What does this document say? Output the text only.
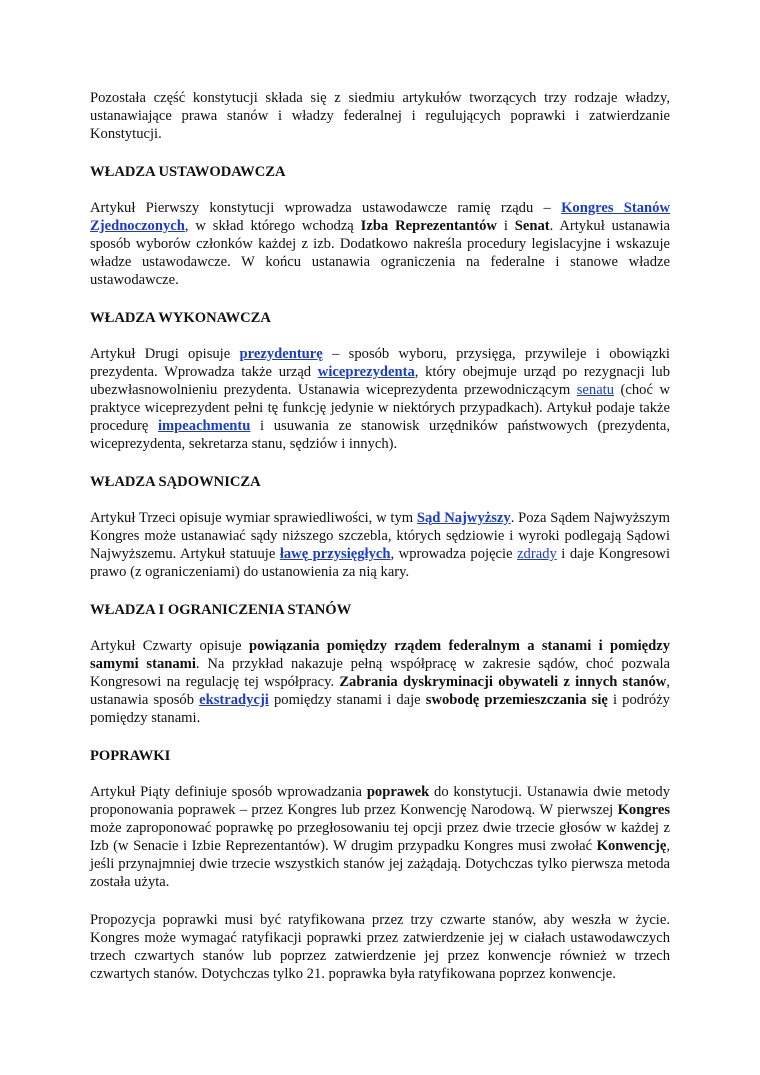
Pozostała część konstytucji składa się z siedmiu artykułów tworzących trzy rodzaje władzy, ustanawiające prawa stanów i władzy federalnej i regulujących poprawki i zatwierdzanie Konstytucji.

WŁADZA USTAWODAWCZA

Artykuł Pierwszy konstytucji wprowadza ustawodawcze ramię rządu – Kongres Stanów Zjednoczonych, w skład którego wchodzą Izba Reprezentantów i Senat. Artykuł ustanawia sposób wyborów członków każdej z izb. Dodatkowo nakreśla procedury legislacyjne i wskazuje władze ustawodawcze. W końcu ustanawia ograniczenia na federalne i stanowe władze ustawodawcze.

WŁADZA WYKONAWCZA

Artykuł Drugi opisuje prezydenturę – sposób wyboru, przysięga, przywileje i obowiązki prezydenta. Wprowadza także urząd wiceprezydenta, który obejmuje urząd po rezygnacji lub ubezwłasnowolnieniu prezydenta. Ustanawia wiceprezydenta przewodniczącym senatu (choć w praktyce wiceprezydent pełni tę funkcję jedynie w niektórych przypadkach). Artykuł podaje także procedurę impeachmentu i usuwania ze stanowisk urzędników państwowych (prezydenta, wiceprezydenta, sekretarza stanu, sędziów i innych).

WŁADZA SĄDOWNICZA

Artykuł Trzeci opisuje wymiar sprawiedliwości, w tym Sąd Najwyższy. Poza Sądem Najwyższym Kongres może ustanawiać sądy niższego szczebla, których sędziowie i wyroki podlegają Sądowi Najwyższemu. Artykuł statuuje ławę przysięgłych, wprowadza pojęcie zdrady i daje Kongresowi prawo (z ograniczeniami) do ustanowienia za nią kary.

WŁADZA I OGRANICZENIA STANÓW

Artykuł Czwarty opisuje powiązania pomiędzy rządem federalnym a stanami i pomiędzy samymi stanami. Na przykład nakazuje pełną współpracę w zakresie sądów, choć pozwala Kongresowi na regulację tej współpracy. Zabrania dyskryminacji obywateli z innych stanów, ustanawia sposób ekstradycji pomiędzy stanami i daje swobodę przemieszczania się i podróży pomiędzy stanami.

POPRAWKI

Artykuł Piąty definiuje sposób wprowadzania poprawek do konstytucji. Ustanawia dwie metody proponowania poprawek – przez Kongres lub przez Konwencję Narodową. W pierwszej Kongres może zaproponować poprawkę po przegłosowaniu tej opcji przez dwie trzecie głosów w każdej z Izb (w Senacie i Izbie Reprezentantów). W drugim przypadku Kongres musi zwołać Konwencję, jeśli przynajmniej dwie trzecie wszystkich stanów jej zażądają. Dotychczas tylko pierwsza metoda została użyta.

Propozycja poprawki musi być ratyfikowana przez trzy czwarte stanów, aby weszła w życie. Kongres może wymagać ratyfikacji poprawki przez zatwierdzenie jej w ciałach ustawodawczych trzech czwartych stanów lub poprzez zatwierdzenie jej przez konwencje również w trzech czwartych stanów. Dotychczas tylko 21. poprawka była ratyfikowana poprzez konwencje.
